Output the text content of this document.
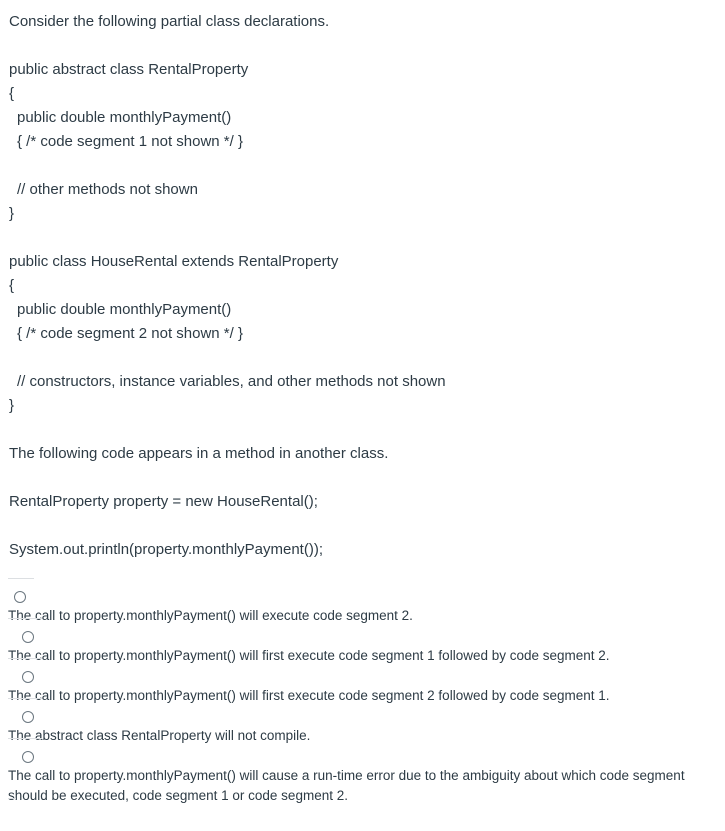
Consider the following partial class declarations.
public abstract class RentalProperty
{
public double monthlyPayment()
{ /* code segment 1 not shown */ }
// other methods not shown
}
public class HouseRental extends RentalProperty
{
public double monthlyPayment()
{ /* code segment 2 not shown */ }
// constructors, instance variables, and other methods not shown
}
The following code appears in a method in another class.
RentalProperty property = new HouseRental();
System.out.println(property.monthlyPayment());
The call to property.monthlyPayment() will execute code segment 2.
The call to property.monthlyPayment() will first execute code segment 1 followed by code segment 2.
The call to property.monthlyPayment() will first execute code segment 2 followed by code segment 1.
The abstract class RentalProperty will not compile.
The call to property.monthlyPayment() will cause a run-time error due to the ambiguity about which code segment should be executed, code segment 1 or code segment 2.
